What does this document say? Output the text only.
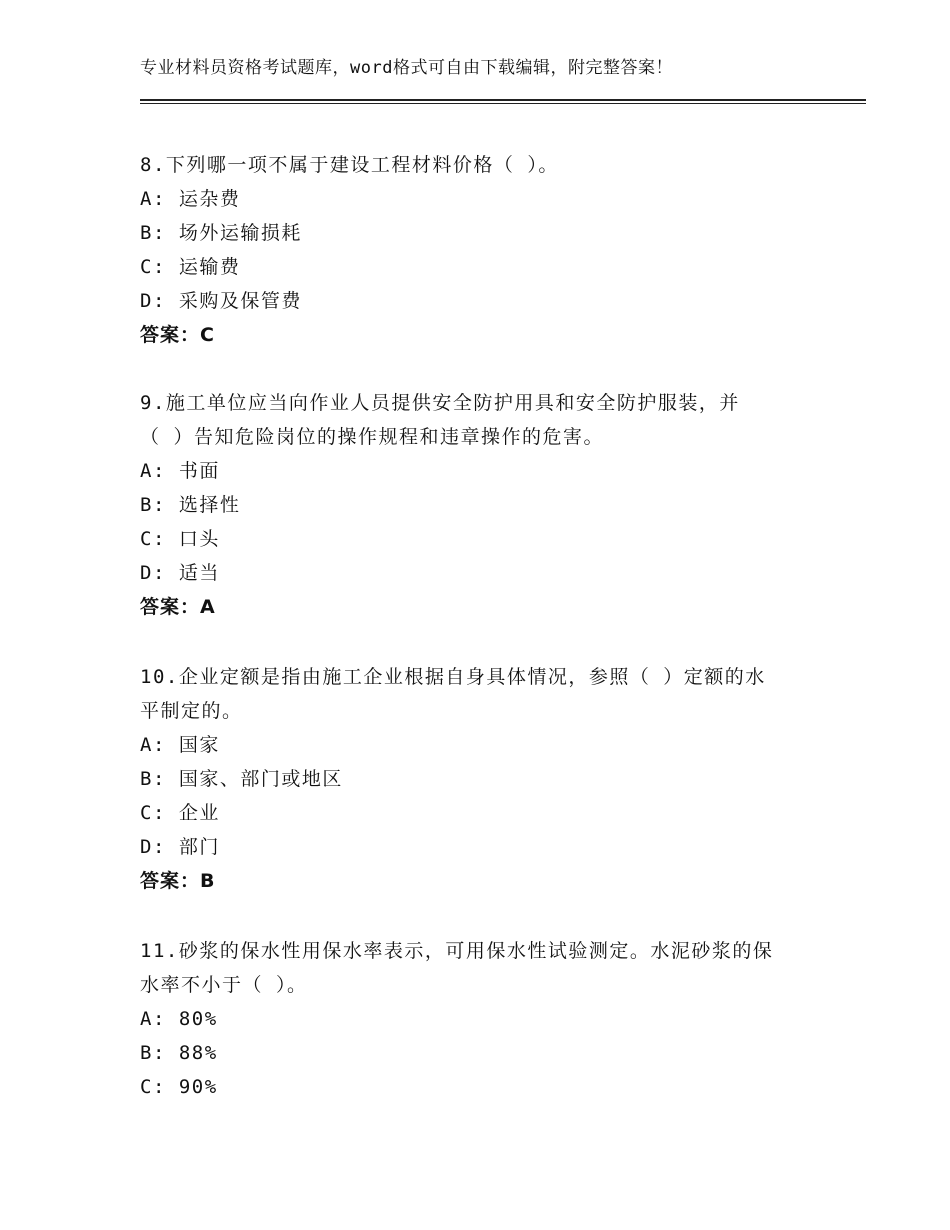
专业材料员资格考试题库，word格式可自由下载编辑，附完整答案！
8.下列哪一项不属于建设工程材料价格（ ）。
A: 运杂费
B: 场外运输损耗
C: 运输费
D: 采购及保管费
答案：C
9.施工单位应当向作业人员提供安全防护用具和安全防护服装，并
（ ）告知危险岗位的操作规程和违章操作的危害。
A: 书面
B: 选择性
C: 口头
D: 适当
答案：A
10.企业定额是指由施工企业根据自身具体情况，参照（ ）定额的水
平制定的。
A: 国家
B: 国家、部门或地区
C: 企业
D: 部门
答案：B
11.砂浆的保水性用保水率表示，可用保水性试验测定。水泥砂浆的保
水率不小于（ ）。
A: 80%
B: 88%
C: 90%
